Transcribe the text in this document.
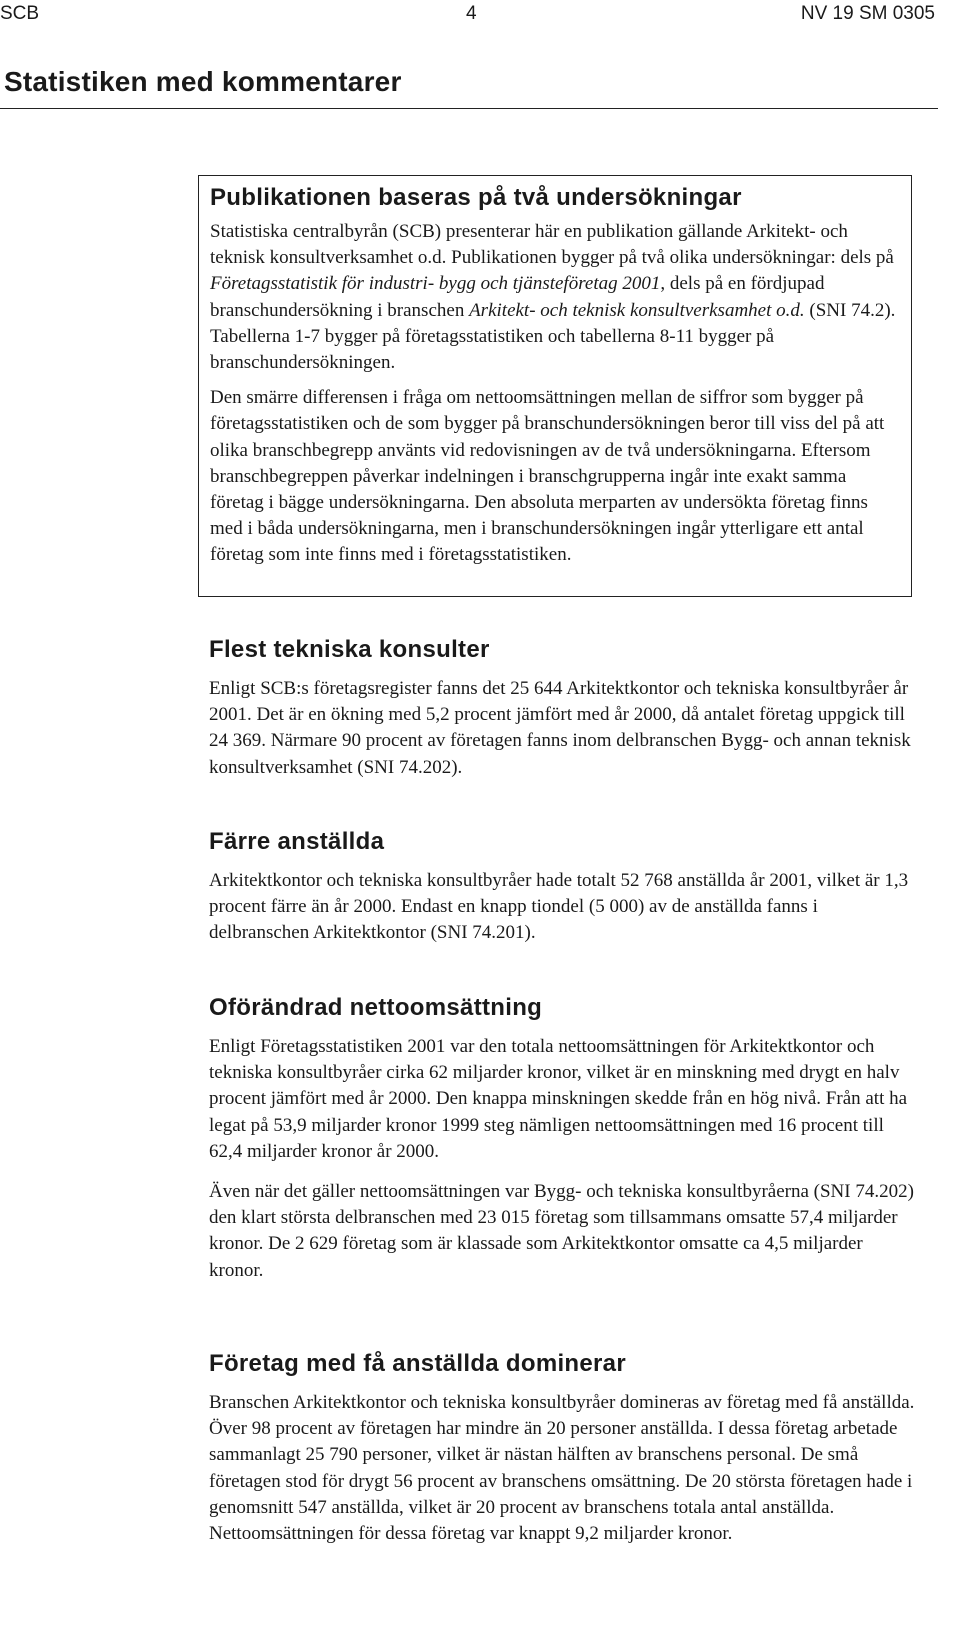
SCB	4	NV 19 SM 0305
Statistiken med kommentarer
Publikationen baseras på två undersökningar

Statistiska centralbyrån (SCB) presenterar här en publikation gällande Arkitekt- och teknisk konsultverksamhet o.d. Publikationen bygger på två olika undersökningar: dels på Företagsstatistik för industri- bygg och tjänsteföretag 2001, dels på en fördjupad branschundersökning i branschen Arkitekt- och teknisk konsultverksamhet o.d. (SNI 74.2). Tabellerna 1-7 bygger på företagsstatistiken och tabellerna 8-11 bygger på branschundersökningen.

Den smärre differensen i fråga om nettoomsättningen mellan de siffror som bygger på företagsstatistiken och de som bygger på branschundersökningen beror till viss del på att olika branschbegrepp använts vid redovisningen av de två undersökningarna. Eftersom branschbegreppen påverkar indelningen i branschgrupperna ingår inte exakt samma företag i bägge undersökningarna. Den absoluta merparten av undersökta företag finns med i båda undersökningarna, men i branschundersökningen ingår ytterligare ett antal företag som inte finns med i företagsstatistiken.

Flest tekniska konsulter

Enligt SCB:s företagsregister fanns det 25 644 Arkitektkontor och tekniska konsultbyråer år 2001. Det är en ökning med 5,2 procent jämfört med år 2000, då antalet företag uppgick till 24 369. Närmare 90 procent av företagen fanns inom delbranschen Bygg- och annan teknisk konsultverksamhet (SNI 74.202).

Färre anställda

Arkitektkontor och tekniska konsultbyråer hade totalt 52 768 anställda år 2001, vilket är 1,3 procent färre än år 2000. Endast en knapp tiondel (5 000) av de anställda fanns i delbranschen Arkitektkontor (SNI 74.201).

Oförändrad nettoomsättning

Enligt Företagsstatistiken 2001 var den totala nettoomsättningen för Arkitektkontor och tekniska konsultbyråer cirka 62 miljarder kronor, vilket är en minskning med drygt en halv procent jämfört med år 2000. Den knappa minskningen skedde från en hög nivå. Från att ha legat på 53,9 miljarder kronor 1999 steg nämligen nettoomsättningen med 16 procent till 62,4 miljarder kronor år 2000.

Även när det gäller nettoomsättningen var Bygg- och tekniska konsultbyråerna (SNI 74.202) den klart största delbranschen med 23 015 företag som tillsammans omsatte 57,4 miljarder kronor. De 2 629 företag som är klassade som Arkitektkontor omsatte ca 4,5 miljarder kronor.

Företag med få anställda dominerar

Branschen Arkitektkontor och tekniska konsultbyråer domineras av företag med få anställda. Över 98 procent av företagen har mindre än 20 personer anställda. I dessa företag arbetade sammanlagt 25 790 personer, vilket är nästan hälften av branschens personal. De små företagen stod för drygt 56 procent av branschens omsättning. De 20 största företagen hade i genomsnitt 547 anställda, vilket är 20 procent av branschens totala antal anställda. Nettoomsättningen för dessa företag var knappt 9,2 miljarder kronor.
